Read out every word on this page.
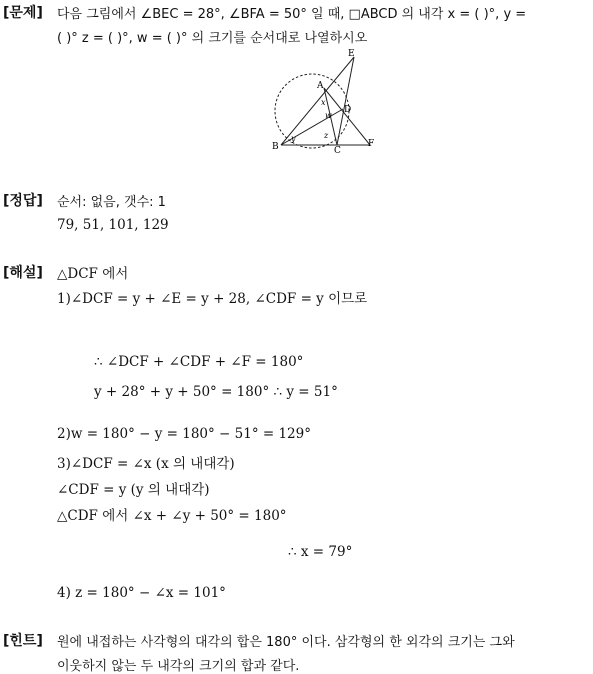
[문제] 다음 그림에서 ∠BEC = 28°, ∠BFA = 50° 일 때, □ABCD 의 내각 x = ( )°, y =
( )° z = ( )°, w = ( )° 의 크기를 순서대로 나열하시오
E
A
D
B	C
F
x
w
z
y
[정답] 순서: 없음, 갯수: 1
79, 51, 101, 129
[해설] △DCF 에서
1)∠DCF = y + ∠E = y + 28, ∠CDF = y 이므로
∴ ∠DCF + ∠CDF + ∠F = 180°
y + 28° + y + 50° = 180° ∴ y = 51°
2)w = 180° − y = 180° − 51° = 129°
3)∠DCF = ∠x (x 의 내대각)
∠CDF = y (y 의 내대각)
△CDF 에서 ∠x + ∠y + 50° = 180°
∴ x = 79°
4) z = 180° − ∠x = 101°
[힌트] 원에 내접하는 사각형의 대각의 합은 180° 이다. 삼각형의 한 외각의 크기는 그와
이웃하지 않는 두 내각의 크기의 합과 같다.
